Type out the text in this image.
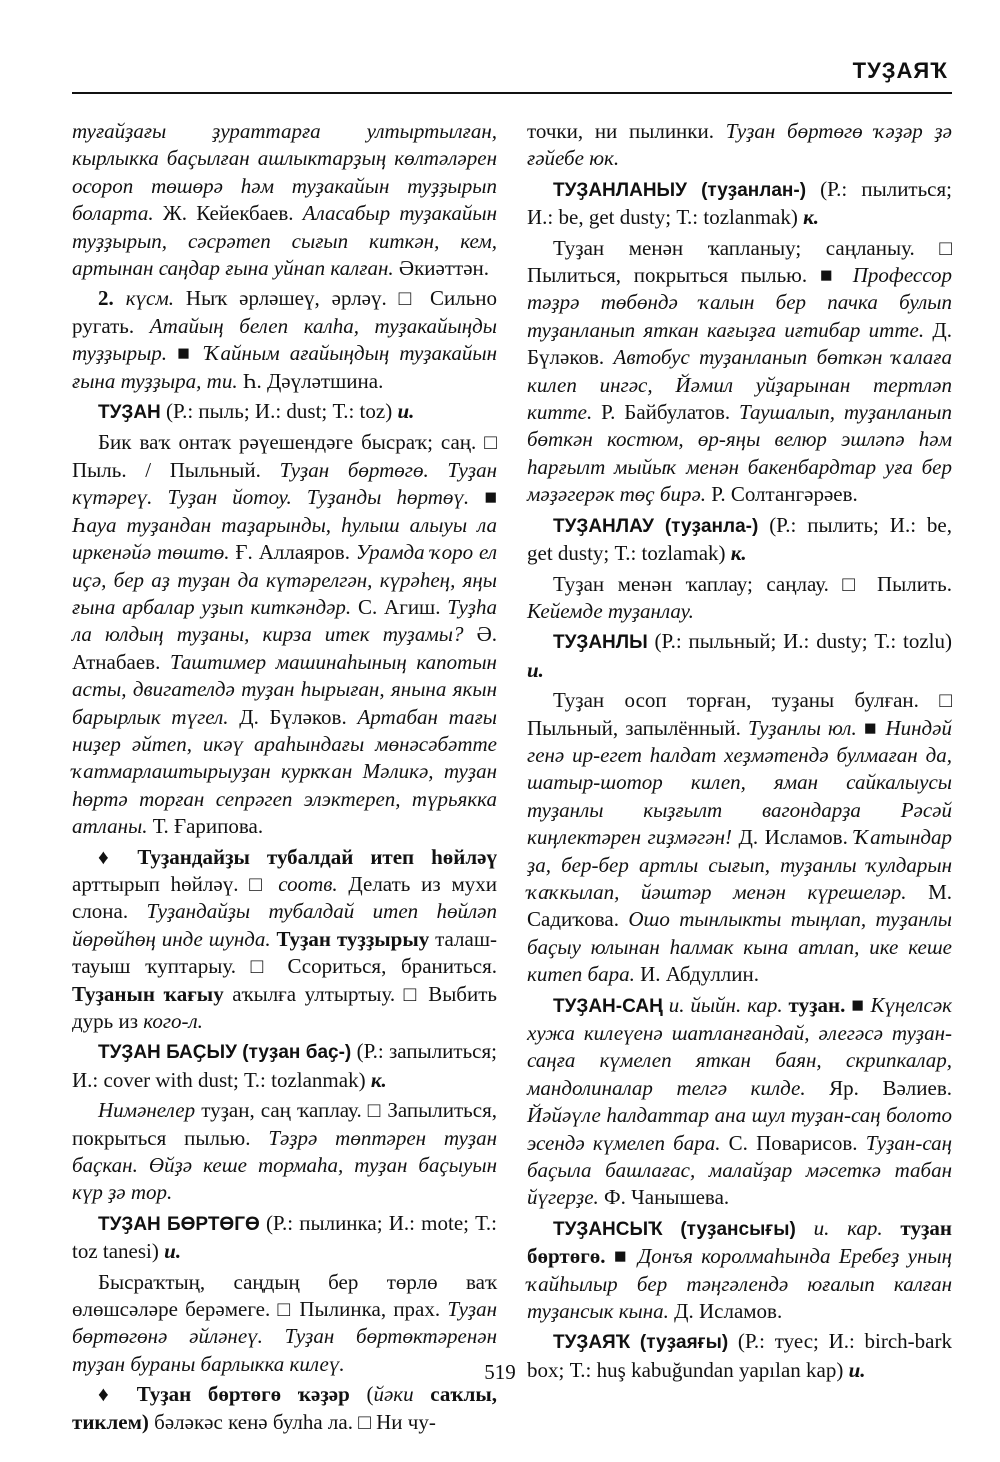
ТУҘАЯҠ

туғайҙағы ҙураттарға ултыртылған, кырлыкка баҫылған ашлыктарҙың көлтәләрен осороп төшөрә һәм туҙакайын туҙҙырып боларта. Ж. Кейекбаев. Аласабыр туҙакайын туҙҙырып, сәсрәтеп сығып киткән, кем, артынан саңдар ғына уйнап калған. Әкиәттән.

2. күсм. Ныҡ әрләшеү, әрләү. □ Сильно ругать. Атайың белеп калһа, туҙакайыңды туҙҙырыр. ■ Ҡайным ағайыңдың туҙакайын ғына туҙҙыра, ти. Һ. Дәүләтшина.

ТУҘАН (Р.: пыль; И.: dust; Т.: toz) и.

Бик ваҡ онтаҡ рәүешендәге бысраҡ; саң. □ Пыль. / Пыльный. Туҙан бөртөгө. Туҙан күтәреү. Туҙан йотоу. Туҙанды һөртөү. ■ Һауа туҙандан таҙарынды, һулыш алыуы ла иркенәйә төштө. Ғ. Аллаяров. Урамда ҡоро ел иҫә, бер аҙ туҙан да күтәрелгән, күрәһең, яңы ғына арбалар уҙып киткәндәр. С. Агиш. Туҙһа ла юлдың туҙаны, кирза итек туҙамы? Ә. Атнабаев. Таштимер машинаһының капотын асты, двигателдә туҙан һырыған, янына якын барырлык түгел. Д. Бүләков. Артабан тағы ниҙер әйтеп, икәү араһындағы мөнәсәбәтте ҡатмарлаштырыуҙан куркҡан Мәликә, туҙан һөртә торған сепрәгеп элэктереп, түрьякка атланы. Т. Ғарипова.

♦ Туҙандайҙы тубалдай итеп һөйләү арттырып һөйләү. □ соотв. Делать из мухи слона. Туҙандайҙы тубалдай итеп һөйләп йөрөйһөң инде шунда. Туҙан туҙҙырыу талаш-тауыш ҡуптарыу. □ Ссориться, браниться. Туҙанын ҡағыу аҡылға ултыртыу. □ Выбить дурь из кого-л.

ТУҘАН БАҪЫУ (туҙан баҫ-) (Р.: запылиться; И.: cover with dust; Т.: tozlanmak) к.

Нимәнелер туҙан, саң ҡаплау. □ Запылиться, покрыться пылью. Тәҙрә төптәрен туҙан баҫкан. Өйҙә кеше тормаһа, туҙан баҫыуын күр ҙә тор.

ТУҘАН БӨРТӨГӨ (Р.: пылинка; И.: mote; Т.: toz tanesi) и.

Бысраҡтың, саңдың бер төрлө ваҡ өлөшсәләре берәмеге. □ Пылинка, прах. Туҙан бөртөгөнә әйләнеү. Туҙан бөртөктәренән туҙан бураны барлыкка килеү.

♦ Туҙан бөртөгө ҡәҙәр (йәки саҡлы, тиклем) бәләкәс кенә булһа ла. □ Ни чу-

точки, ни пылинки. Туҙан бөртөгө ҡәҙәр ҙә ғәйебе юк.

ТУҘАНЛАНЫУ (туҙанлан-) (Р.: пылиться; И.: be, get dusty; Т.: tozlanmak) к.

Туҙан менән ҡапланыу; саңланыу. □ Пылиться, покрыться пылью. ■ Профессор тәҙрә төбөндә ҡалын бер пачка булып туҙанланып яткан кағыҙға иғтибар итте. Д. Бүләков. Автобус туҙанланып бөткән ҡалаға килеп ингәс, Йәмил уйҙарынан тертләп китте. Р. Байбулатов. Таушалып, туҙанланып бөткән костюм, өр-яңы велюр эшләпә һәм һарғылт мыйыҡ менән бакенбардтар уға бер мәҙәгерәк төҫ бирә. Р. Солтангәрәев.

ТУҘАНЛАУ (туҙанла-) (Р.: пылить; И.: be, get dusty; Т.: tozlamak) к.

Туҙан менән ҡаплау; саңлау. □ Пылить. Кейемде туҙанлау.

ТУҘАНЛЫ (Р.: пыльный; И.: dusty; Т.: tozlu) и.

Туҙан осоп торған, туҙаны булған. □ Пыльный, запылённый. Туҙанлы юл. ■ Ниндәй генә ир-егет һалдат хеҙмәтендә булмаған да, шатыр-шотор килеп, яман сайкалыусы туҙанлы кыҙғылт вагондарҙа Рәсәй киңлектәрен гиҙмәгән! Д. Исламов. Ҡатындар ҙа, бер-бер артлы сығып, туҙанлы ҡулдарын ҡаҡкылап, йәштәр менән күрешеләр. М. Садиҡова. Ошо тынлыкты тыңлап, туҙанлы баҫыу юлынан һалмак кына атлап, ике кеше китеп бара. И. Абдуллин.

ТУҘАН-САҢ и. йыйн. кар. туҙан. ■ Күңелсәк хужа килеүенә шатланғандай, әлегәсә туҙан-саңға күмелеп яткан баян, скрипкалар, мандолиналар телгә килде. Яр. Вәлиев. Йәйәүле һалдаттар ана шул туҙан-саң болото эсендә күмелеп бара. С. Поварисов. Туҙан-саң баҫыла башлағас, малайҙар мәсеткә табан йүгерҙе. Ф. Чанышева.

ТУҘАНСЫҠ (туҙансығы) и. кар. туҙан бөртөгө. ■ Донъя королмаһында Еребеҙ уның ҡайһылыр бер тәңгәлендә юғалып калған туҙансык кына. Д. Исламов.

ТУҘАЯҠ (туҙаяғы) (Р.: туес; И.: birch-bark box; Т.: huş kabuğundan yapılan kap) и.

519
